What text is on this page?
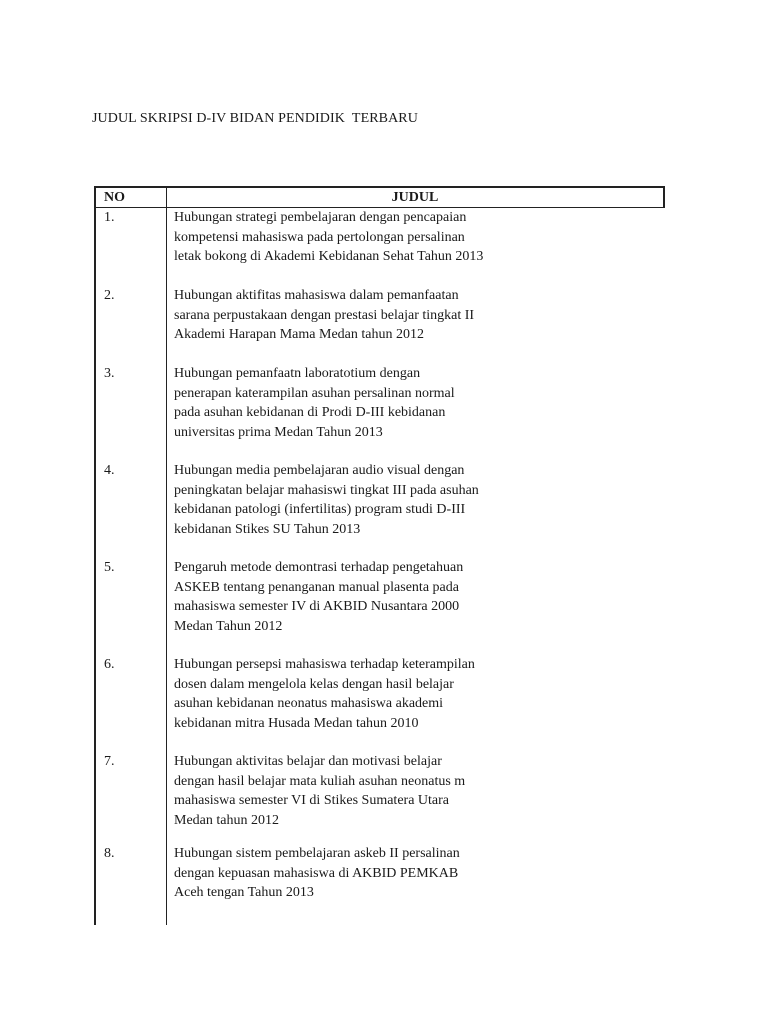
JUDUL SKRIPSI D-IV BIDAN PENDIDIK  TERBARU
NO	JUDUL
1.	Hubungan strategi pembelajaran dengan pencapaian
kompetensi mahasiswa pada pertolongan persalinan
letak bokong di Akademi Kebidanan Sehat Tahun 2013
2.	Hubungan aktifitas mahasiswa dalam pemanfaatan
sarana perpustakaan dengan prestasi belajar tingkat II
Akademi Harapan Mama Medan tahun 2012
3.	Hubungan pemanfaatn laboratotium dengan
penerapan katerampilan asuhan persalinan normal
pada asuhan kebidanan di Prodi D-III kebidanan
universitas prima Medan Tahun 2013
4.	Hubungan media pembelajaran audio visual dengan
peningkatan belajar mahasiswi tingkat III pada asuhan
kebidanan patologi (infertilitas) program studi D-III
kebidanan Stikes SU Tahun 2013
5.	Pengaruh metode demontrasi terhadap pengetahuan
ASKEB tentang penanganan manual plasenta pada
mahasiswa semester IV di AKBID Nusantara 2000
Medan Tahun 2012
6.	Hubungan persepsi mahasiswa terhadap keterampilan
dosen dalam mengelola kelas dengan hasil belajar
asuhan kebidanan neonatus mahasiswa akademi
kebidanan mitra Husada Medan tahun 2010
7.	Hubungan aktivitas belajar dan motivasi belajar
dengan hasil belajar mata kuliah asuhan neonatus m
mahasiswa semester VI di Stikes Sumatera Utara
Medan tahun 2012
8.	Hubungan sistem pembelajaran askeb II persalinan
dengan kepuasan mahasiswa di AKBID PEMKAB
Aceh tengan Tahun 2013
